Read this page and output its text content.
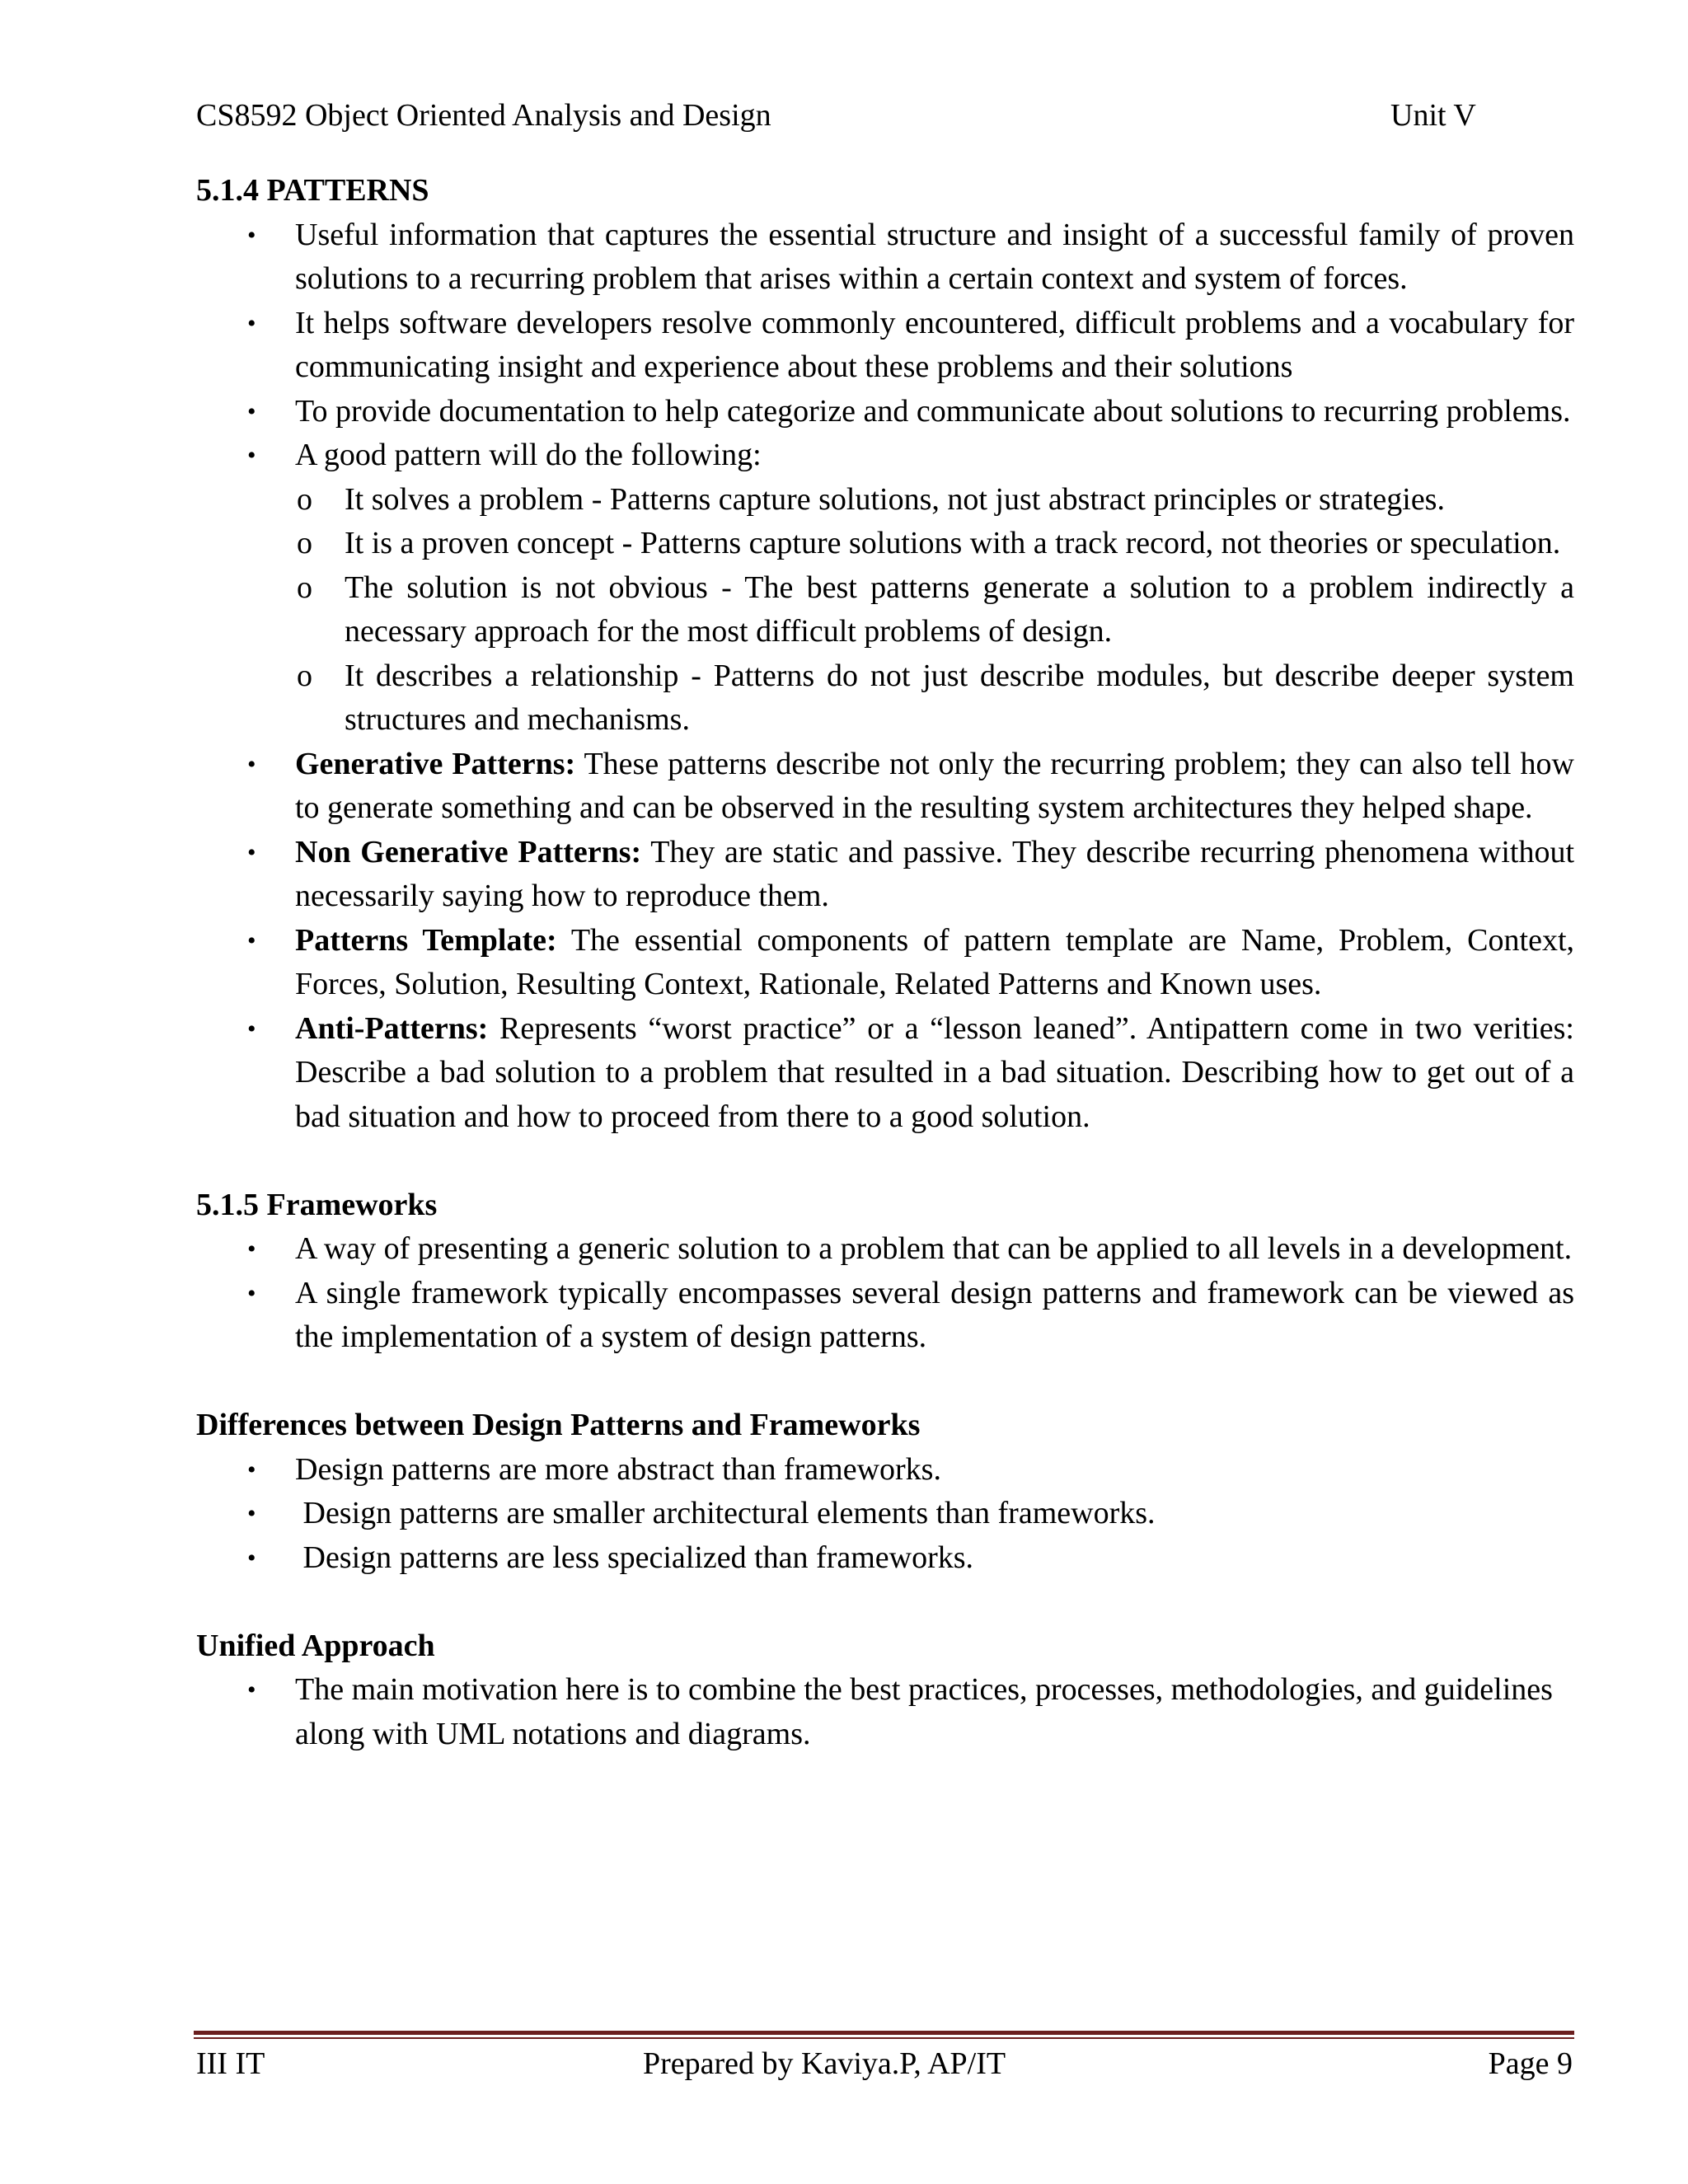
CS8592 Object Oriented Analysis and Design	Unit V
5.1.4 PATTERNS
• Useful information that captures the essential structure and insight of a successful family of proven solutions to a recurring problem that arises within a certain context and system of forces.
• It helps software developers resolve commonly encountered, difficult problems and a vocabulary for communicating insight and experience about these problems and their solutions
• To provide documentation to help categorize and communicate about solutions to recurring problems.
• A good pattern will do the following:
o It solves a problem - Patterns capture solutions, not just abstract principles or strategies.
o It is a proven concept - Patterns capture solutions with a track record, not theories or speculation.
o The solution is not obvious - The best patterns generate a solution to a problem indirectly a necessary approach for the most difficult problems of design.
o It describes a relationship - Patterns do not just describe modules, but describe deeper system structures and mechanisms.
• Generative Patterns: These patterns describe not only the recurring problem; they can also tell how to generate something and can be observed in the resulting system architectures they helped shape.
• Non Generative Patterns: They are static and passive. They describe recurring phenomena without necessarily saying how to reproduce them.
• Patterns Template: The essential components of pattern template are Name, Problem, Context, Forces, Solution, Resulting Context, Rationale, Related Patterns and Known uses.
• Anti-Patterns: Represents “worst practice” or a “lesson leaned”. Antipattern come in two verities: Describe a bad solution to a problem that resulted in a bad situation. Describing how to get out of a bad situation and how to proceed from there to a good solution.
5.1.5 Frameworks
• A way of presenting a generic solution to a problem that can be applied to all levels in a development.
• A single framework typically encompasses several design patterns and framework can be viewed as the implementation of a system of design patterns.
Differences between Design Patterns and Frameworks
• Design patterns are more abstract than frameworks.
• Design patterns are smaller architectural elements than frameworks.
• Design patterns are less specialized than frameworks.
Unified Approach
• The main motivation here is to combine the best practices, processes, methodologies, and guidelines along with UML notations and diagrams.
III IT	Prepared by Kaviya.P, AP/IT	Page 9
